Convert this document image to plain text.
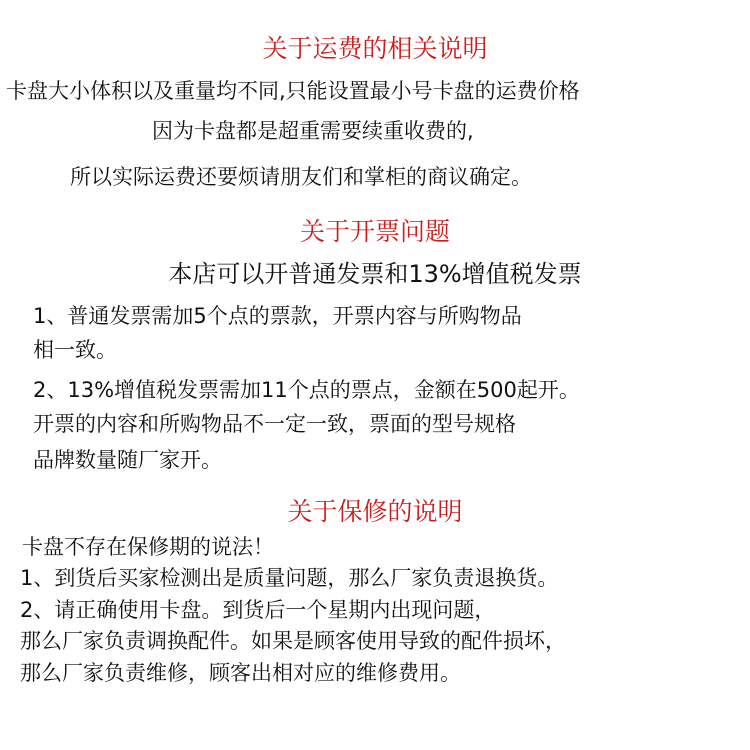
关于运费的相关说明
卡盘大小体积以及重量均不同,只能设置最小号卡盘的运费价格
因为卡盘都是超重需要续重收费的,
所以实际运费还要烦请朋友们和掌柜的商议确定。
关于开票问题
本店可以开普通发票和13%增值税发票
1、普通发票需加5个点的票款，开票内容与所购物品
相一致。
2、13%增值税发票需加11个点的票点，金额在500起开。
开票的内容和所购物品不一定一致，票面的型号规格
品牌数量随厂家开。
关于保修的说明
卡盘不存在保修期的说法！
1、到货后买家检测出是质量问题，那么厂家负责退换货。
2、请正确使用卡盘。到货后一个星期内出现问题，
那么厂家负责调换配件。如果是顾客使用导致的配件损坏，
那么厂家负责维修，顾客出相对应的维修费用。
